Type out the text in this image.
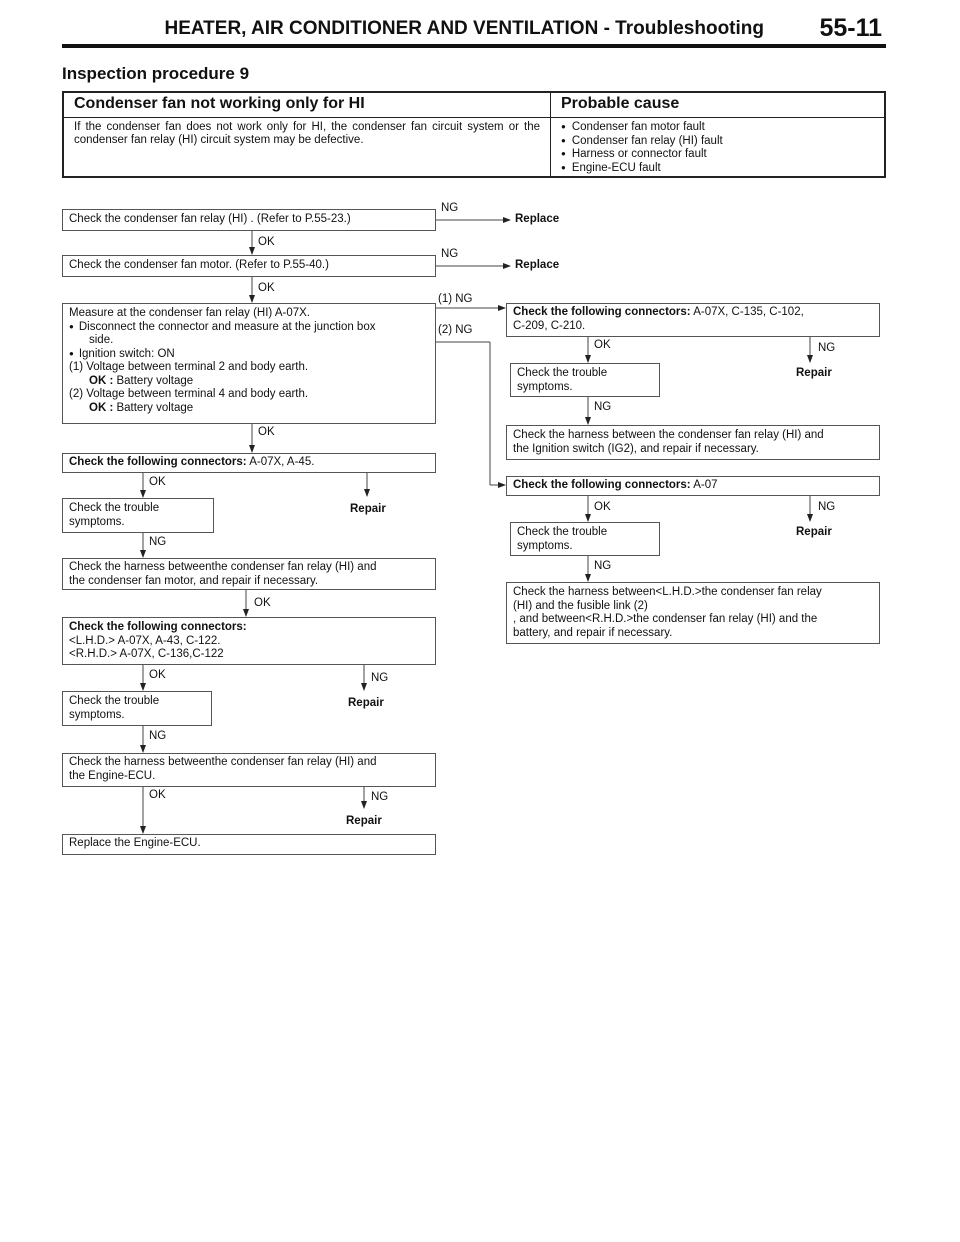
HEATER, AIR CONDITIONER AND VENTILATION - Troubleshooting 55-11
Inspection procedure 9
Condenser fan not working only for HI	Probable cause
If the condenser fan does not work only for HI, the condenser fan circuit system or the condenser fan relay (HI) circuit system may be defective.
● Condenser fan motor fault
● Condenser fan relay (HI) fault
● Harness or connector fault
● Engine-ECU fault
NG
Replace
OK
NG
Replace
OK
(1) NG
(2) NG
OK
OK
Repair
NG
OK
OK	NG
Repair
NG
OK	NG
Repair
OK	NG
Repair
NG
OK	NG
Repair
NG
Check the condenser fan relay (HI) . (Refer to P.55-23.)
Check the condenser fan motor. (Refer to P.55-40.)
Measure at the condenser fan relay (HI) A-07X.
● Disconnect the connector and measure at the junction box
side.
● Ignition switch: ON
(1) Voltage between terminal 2 and body earth.
OK : Battery voltage
(2) Voltage between terminal 4 and body earth.
OK : Battery voltage
Check the following connectors: A-07X, A-45.
Check the trouble
symptoms.
Check the harness betweenthe condenser fan relay (HI) and
the condenser fan motor, and repair if necessary.
Check the following connectors:
<L.H.D.> A-07X, A-43, C-122.
<R.H.D.> A-07X, C-136,C-122
Check the trouble
symptoms.
Check the harness betweenthe condenser fan relay (HI) and
the Engine-ECU.
Replace the Engine-ECU.
Check the following connectors: A-07X, C-135, C-102,
C-209, C-210.
Check the trouble
symptoms.
Check the harness between the condenser fan relay (HI) and
the Ignition switch (IG2), and repair if necessary.
Check the following connectors: A-07
Check the trouble
symptoms.
Check the harness between<L.H.D.>the condenser fan relay
(HI) and the fusible link (2)
, and between<R.H.D.>the condenser fan relay (HI) and the
battery, and repair if necessary.
